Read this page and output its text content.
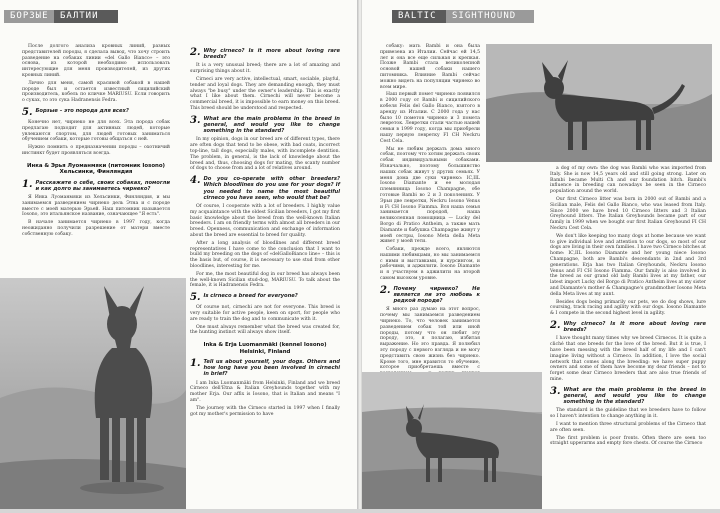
БОРЗЫЕ	БАЛТИИ

После долгого анализа кровных линий, разных представителей породы, я сделала вывод, что хочу строить разведение на собаках линии «del Gallo Bianco» – это основа, из которой необходимо использовать интересующие для меня производителей, из других кровных линий.

Лично для меня, самой красивой собакой в нашей породе был и остается известный сицилийский производитель, кобель по кличке MARIUSU. Если говорить о суках, то это сука Hadranensis Fedra.

5. Борзые – это порода для всех?

Конечно нет, чирнеко не для всех. Эта порода собак предлагаю подходит для активных людей, которые увлекаются спортом, для людей готовых заниматься обучением собаки, которые готовы общаться с ней.

Нужно помнить о предназначении породы – охотничий инстинкт будет проявляться всегда.

Инка & Эрья Луоманмяки (питомник Iosono) Хельсинки, Финляндия
1. Расскажите о себе, своих собаках, помогли и как долго вы занимаетесь чирнеко?

Я Инка Луоманмяки из Хельсинки, Финляндия, и мы занимаемся разведением чирнеко дель Этна и с породе вместе с моей матерью Эрьей. Наш питомник называется Iosono, это итальянское название, означающее "Я есть".

В начале занимается чирнеко в 1997 году, когда неожиданно получили разрешение от матери вместе собственную собаку.

2. Why cirneco? Is it more about loving rare breeds?

It is a very unusual breed; there are a lot of amazing and surprising things about it.

Cirneci are very active, intellectual, smart, sociable, playful, tender and loyal dogs. They are demanding enough, they must always "be busy" under the owner's leadership. This is exactly what I like about them. Cirnechi will never become a commercial breed, it is impossible to earn money on this breed. This breed should be understood and respected.

3. What are the main problems in the breed in general, and would you like to change something in the standard?

In my opinion, dogs in our breed are of different types, there are often dogs that tend to be obese, with bad coats, incorrect top-line, tall dogs, especially males, with incomplete dentition. The problem, in general, is the lack of knowledge about the breed and, thus, choosing dogs for mating, the scanty number of dogs to choose from and a lot of relatives around.

4. Do you co-operate with other breeders? Which bloodlines do you use for your dogs? If you needed to name the most beautiful cirneco you have seen, who would that be?

Of course, I cooperate with a lot of breeders. I highly value my acquaintance with the oldest Sicilian breeders, I got my first basic knowledge about the breed from the well-known Italian breeders. I am on friendly terms with almost all breeders in our breed. Openness, communication and exchange of information about the breed are essential to breed for quality.

After a long analysis of bloodlines and different breed representatives I have come to the conclusion that I want to build my breeding on the dogs of «delGalloBianco line» – this is the basis but, of course, it is necessary to use stud from other bloodlines, interesting for me.

For me, the most beautiful dog in our breed has always been the well-known Sicilian stud-dog, MARIUSU. To talk about the female, it is Hadranensis Fedra.

5. Is cirneco a breed for everyone?

Of course not, cirnechi are not for everyone. This breed is very suitable for active people, keen on sport, for people who are ready to train the dog and to communicate with it.

One must always remember what the breed was created for, the hunting instinct will always show itself.

Inka & Erja Luomanmäki (kennel Iosono) Helsinki, Finland
1. Tell us about yourself, your dogs. Others and how long have you been involved in cirnechi in brief?

I am Inka Luomanmäki from Helsinki, Finland and we breed Cirneco dell'Etna & Italian Greyhounds together with my mother Erja. Our affix is Iosono, that is Italian and means "I am".

The journey with the Cirneco started in 1997 when I finally got my mother's permission to have

BALTIC	SIGHTHOUND

собаку: мать Bambi и она была привезена из Италии. Сейчас ей 14,5 лет и она все еще сильная и крепкая. Позже Bambi стала великолепной основой нашей собаки нашего питомника. Влияние Bambi сейчас можно видеть на популяции чирнеко во всем мире.

Наш первый помет чирнеко появился в 2000 году от Bambi и сицилийского кобеля Felis del Gallo Bianco, взятого в аренду из Италии. С 2000 года у нас было 10 пометов чирнеко и 3 помета левреток. Левретки стали частью нашей семьи в 1999 году, когда мы приобрели нашу первую левретку FI CH Neckru Cest Cela.

Мы не любим держать дома много собак, поэтому что хотим держать своих собак индивидуальными собаками. Изначально, поэтому большинство наших собак живут у других семьях. У меня дома две суки чирнеко: IC,IIL Iosono Diamante и ее молодая племянница Iosono Champagne, обе готовые Bambi во 2 и 3 поколениях. У Эрьи две левретки, Neckru Iosono Venus и Fi CH Iosono Fiamma. Вся наша семья занимается породой, наша великолепная помощница — Lucky del Borgo di Pratico Antheim, а также мать Diamante и бабушка Champagne живут у моей сестры, Iosono Meta della Meta живет у моей тети.

Собаки, прежде всего, являются нашими любимцами, но мы занимаемся с ними и выставками, и курсингом, и рабочими, и аджилити. Iosono Diamante и я участвуем в аджилити на второй самом высоком уровне.

2. Почему чирнеко? Не является ли это любовь к редкой породе?

Я много раз думаю на этот вопрос, почему мы занимаемся разведением чирнеко. То, что человек занимается разведением собак той или иной породы, потому что он любит эту породу, это, я полагаю, избитая выражение. Но это правда. Я полюбил эту породу с первого взгляда и не могу представить свою жизнь без чирнеко. Кроме того, мне нравится то обучение, которое приобретаешь вместе с

a dog of my own: the dog was Bambi who was imported from Italy. She is now 14,5 years old and still going strong. Later on Bambi became Multi Ch and our foundation bitch. Bambi's influence in breeding can nowadays be seen in the Cirneco population around the world.

Our first Cirneco litter was born in 2000 out of Bambi and a Sicilian male, Felis del Gallo Bianco, who was leased from Italy. Since 2000 we have bred 10 Cirneco litters and 3 Italian Greyhound litters. The Italian Greyhounds became part of our family in 1999 when we bought our first Italian Greyhound FI CH Neckru Cest Cela.

We don't like keeping too many dogs at home because we want to give individual love and attention to our dogs, so most of our dogs are living in their own families. I have two Cirneco bitches at home: IC,IIL Iosono Diamante and her young niece Iosono Champagne, both are Bambi's descendants in 2nd and 3rd generations. Erja has two Italian Greyhounds, Neckru Iosono Venus and FI CH Iosono Fiamma. Our family is also involved in the breed as our grand old lady Bambi lives at my father, our latest import Lucky del Borgo di Pratico Antheim lives at my sister and Diamante's mother & Champagne's grandmother Iosono Meta della Meta lives at my aunt.

Besides dogs being primarily our pets, we do dog shows, lure coursing, track racing and agility with our dogs. Iosono Diamante & I compete in the second highest level in agility.

2. Why cirneco? Is it more about loving rare breeds?

I have thought many times why we breed Cirnecos. It is quite a cliché that one breeds for the love of the breed. But it is true, I have been messing with the breed half of my life and I can't imagine living without a Cirneco. In addition, I love the social network that comes along the breeding: we have super puppy owners and some of them have become my dear friends – not to forget some dear Cirneco breeders that are also true friends of mine.

3. What are the main problems in the breed in general, and would you like to change something in the standard?

The standard is the guideline that we breeders have to follow so I haven't intention to change anything in it.

I want to mention three structural problems of the Cirneco that are often seen.

The first problem is poor fronts. Often there are seen too straight upperarms and empty fore chests. Of course the Cirneco
